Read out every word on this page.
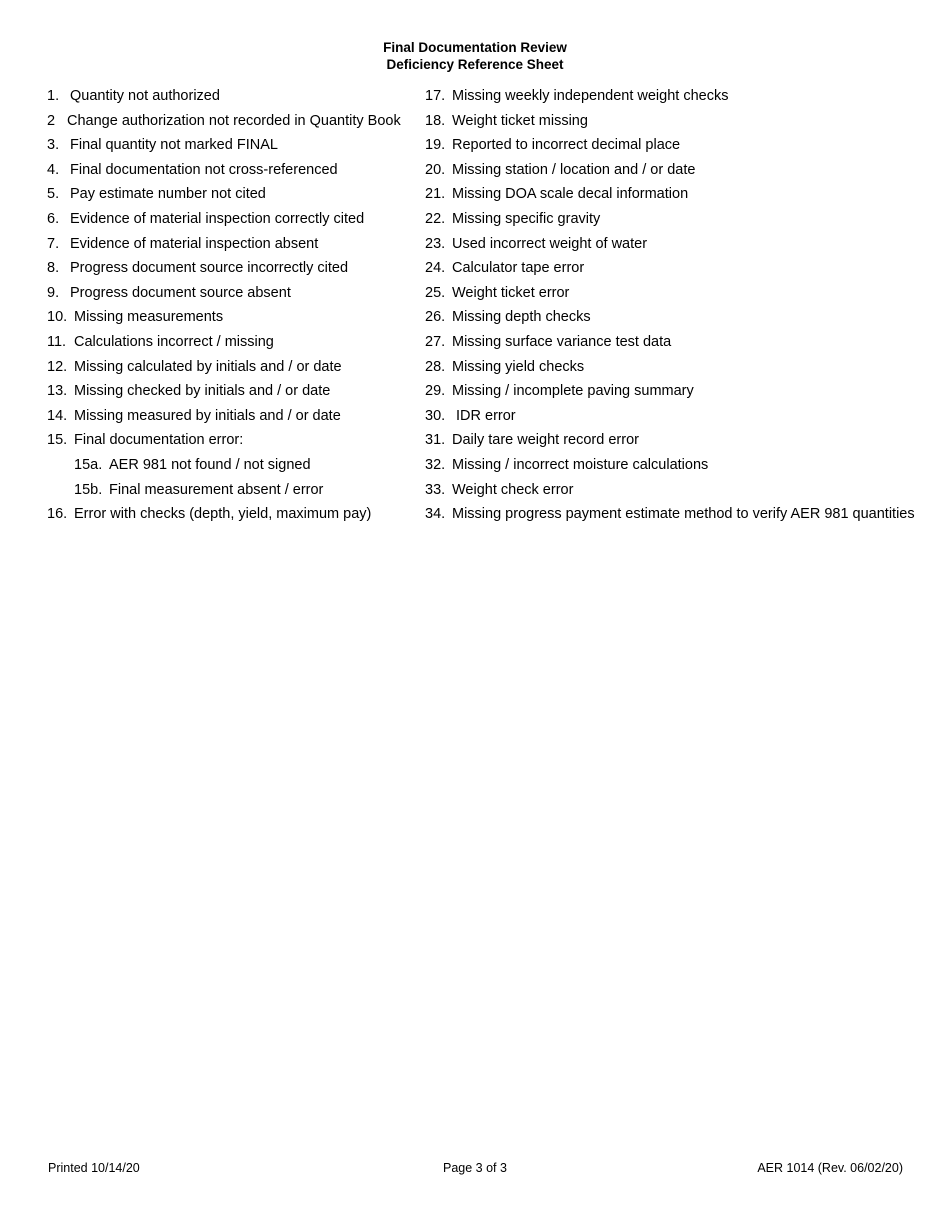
Final Documentation Review
Deficiency Reference Sheet
1. Quantity not authorized
2 Change authorization not recorded in Quantity Book
3. Final quantity not marked FINAL
4. Final documentation not cross-referenced
5. Pay estimate number not cited
6. Evidence of material inspection correctly cited
7. Evidence of material inspection absent
8. Progress document source incorrectly cited
9. Progress document source absent
10. Missing measurements
11. Calculations incorrect / missing
12. Missing calculated by initials and / or date
13. Missing checked by initials and / or date
14. Missing measured by initials and / or date
15. Final documentation error:
15a. AER 981 not found / not signed
15b. Final measurement absent / error
16. Error with checks (depth, yield, maximum pay)
17. Missing weekly independent weight checks
18. Weight ticket missing
19. Reported to incorrect decimal place
20. Missing station / location and / or date
21. Missing DOA scale decal information
22. Missing specific gravity
23. Used incorrect weight of water
24. Calculator tape error
25. Weight ticket error
26. Missing depth checks
27. Missing surface variance test data
28. Missing yield checks
29. Missing / incomplete paving summary
30. IDR error
31. Daily tare weight record error
32. Missing / incorrect moisture calculations
33. Weight check error
34. Missing progress payment estimate method to verify AER 981 quantities
Printed 10/14/20	Page 3 of 3	AER 1014 (Rev. 06/02/20)
